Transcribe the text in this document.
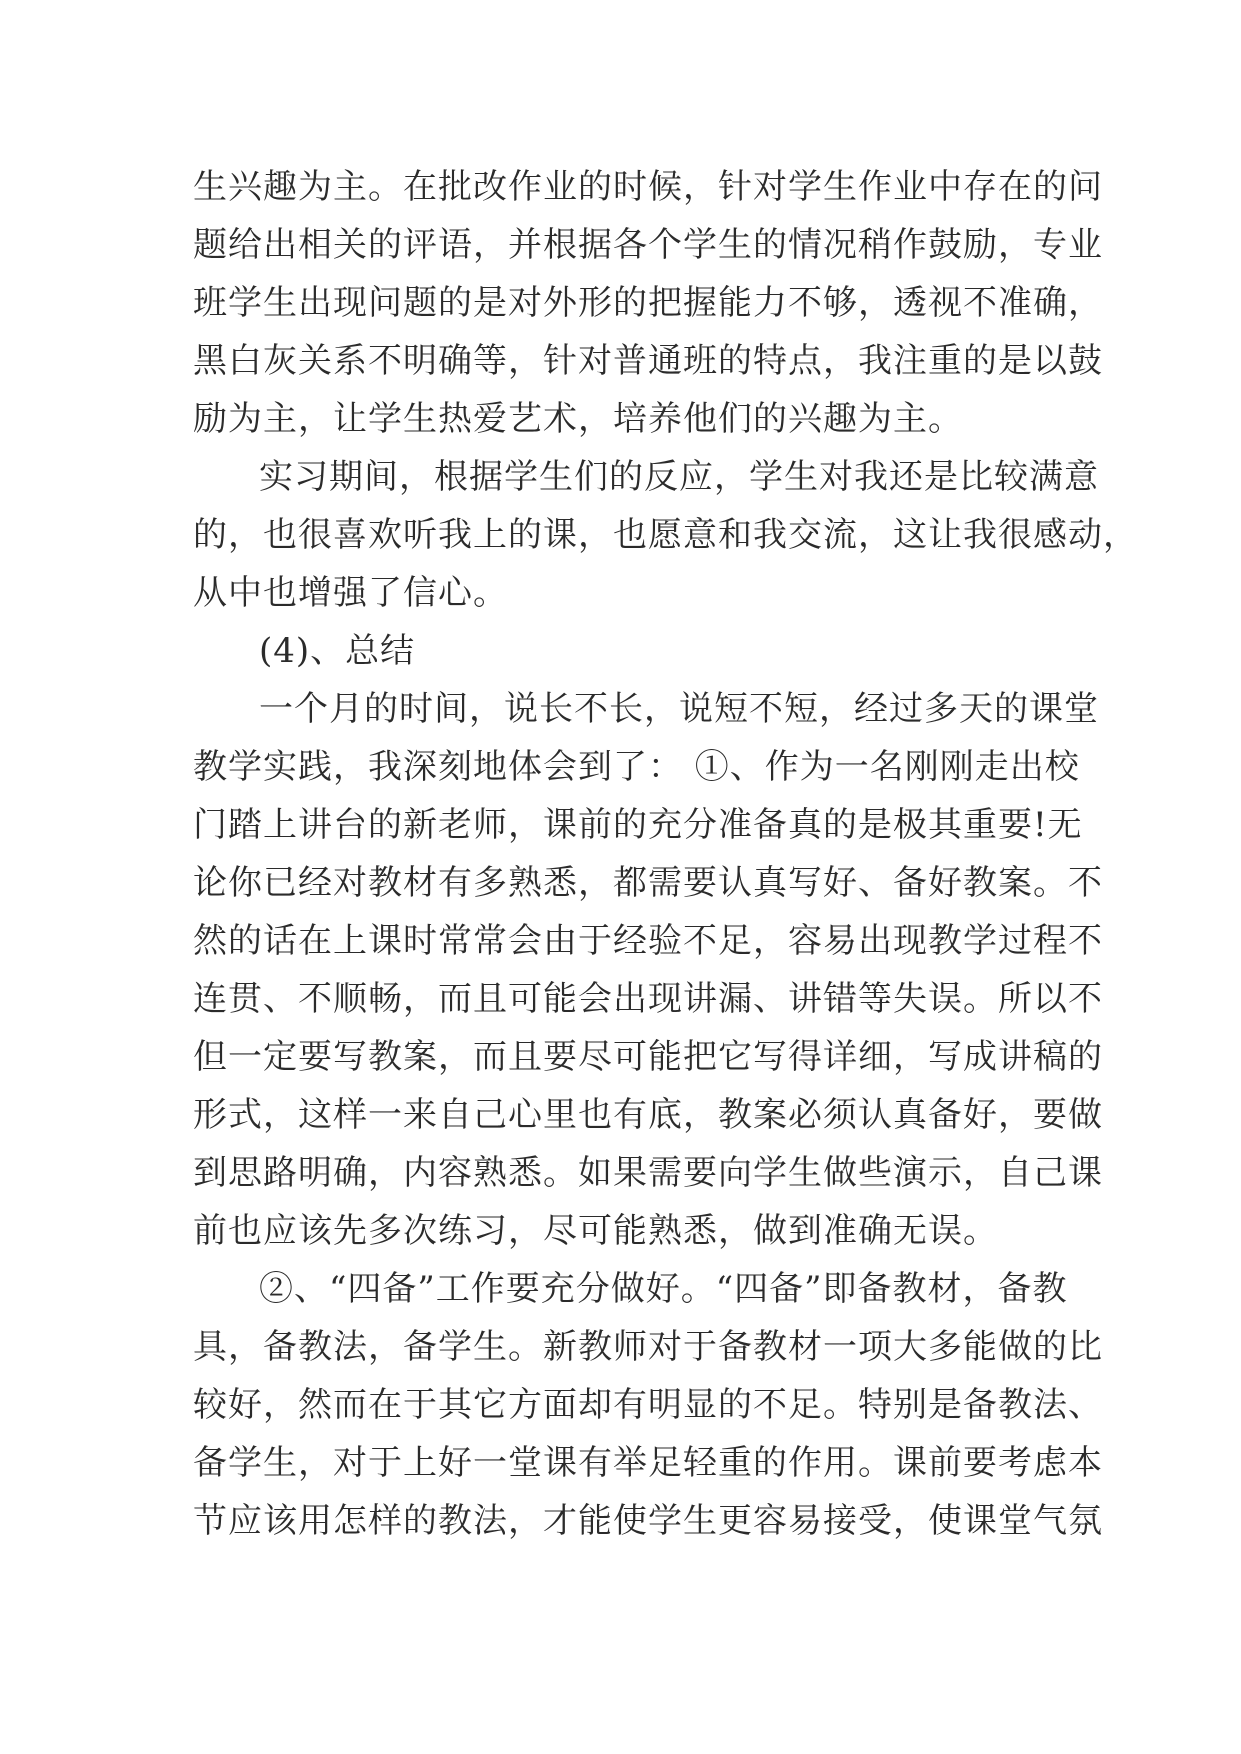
生兴趣为主。在批改作业的时候，针对学生作业中存在的问
题给出相关的评语，并根据各个学生的情况稍作鼓励，专业
班学生出现问题的是对外形的把握能力不够，透视不准确，
黑白灰关系不明确等，针对普通班的特点，我注重的是以鼓
励为主，让学生热爱艺术，培养他们的兴趣为主。
实习期间，根据学生们的反应，学生对我还是比较满意
的，也很喜欢听我上的课，也愿意和我交流，这让我很感动，
从中也增强了信心。
(4)、总结
一个月的时间，说长不长，说短不短，经过多天的课堂
教学实践，我深刻地体会到了： ①、作为一名刚刚走出校
门踏上讲台的新老师，课前的充分准备真的是极其重要!无
论你已经对教材有多熟悉，都需要认真写好、备好教案。不
然的话在上课时常常会由于经验不足，容易出现教学过程不
连贯、不顺畅，而且可能会出现讲漏、讲错等失误。所以不
但一定要写教案，而且要尽可能把它写得详细，写成讲稿的
形式，这样一来自己心里也有底，教案必须认真备好，要做
到思路明确，内容熟悉。如果需要向学生做些演示，自己课
前也应该先多次练习，尽可能熟悉，做到准确无误。
②、“四备”工作要充分做好。“四备”即备教材，备教
具，备教法，备学生。新教师对于备教材一项大多能做的比
较好，然而在于其它方面却有明显的不足。特别是备教法、
备学生，对于上好一堂课有举足轻重的作用。课前要考虑本
节应该用怎样的教法，才能使学生更容易接受，使课堂气氛
